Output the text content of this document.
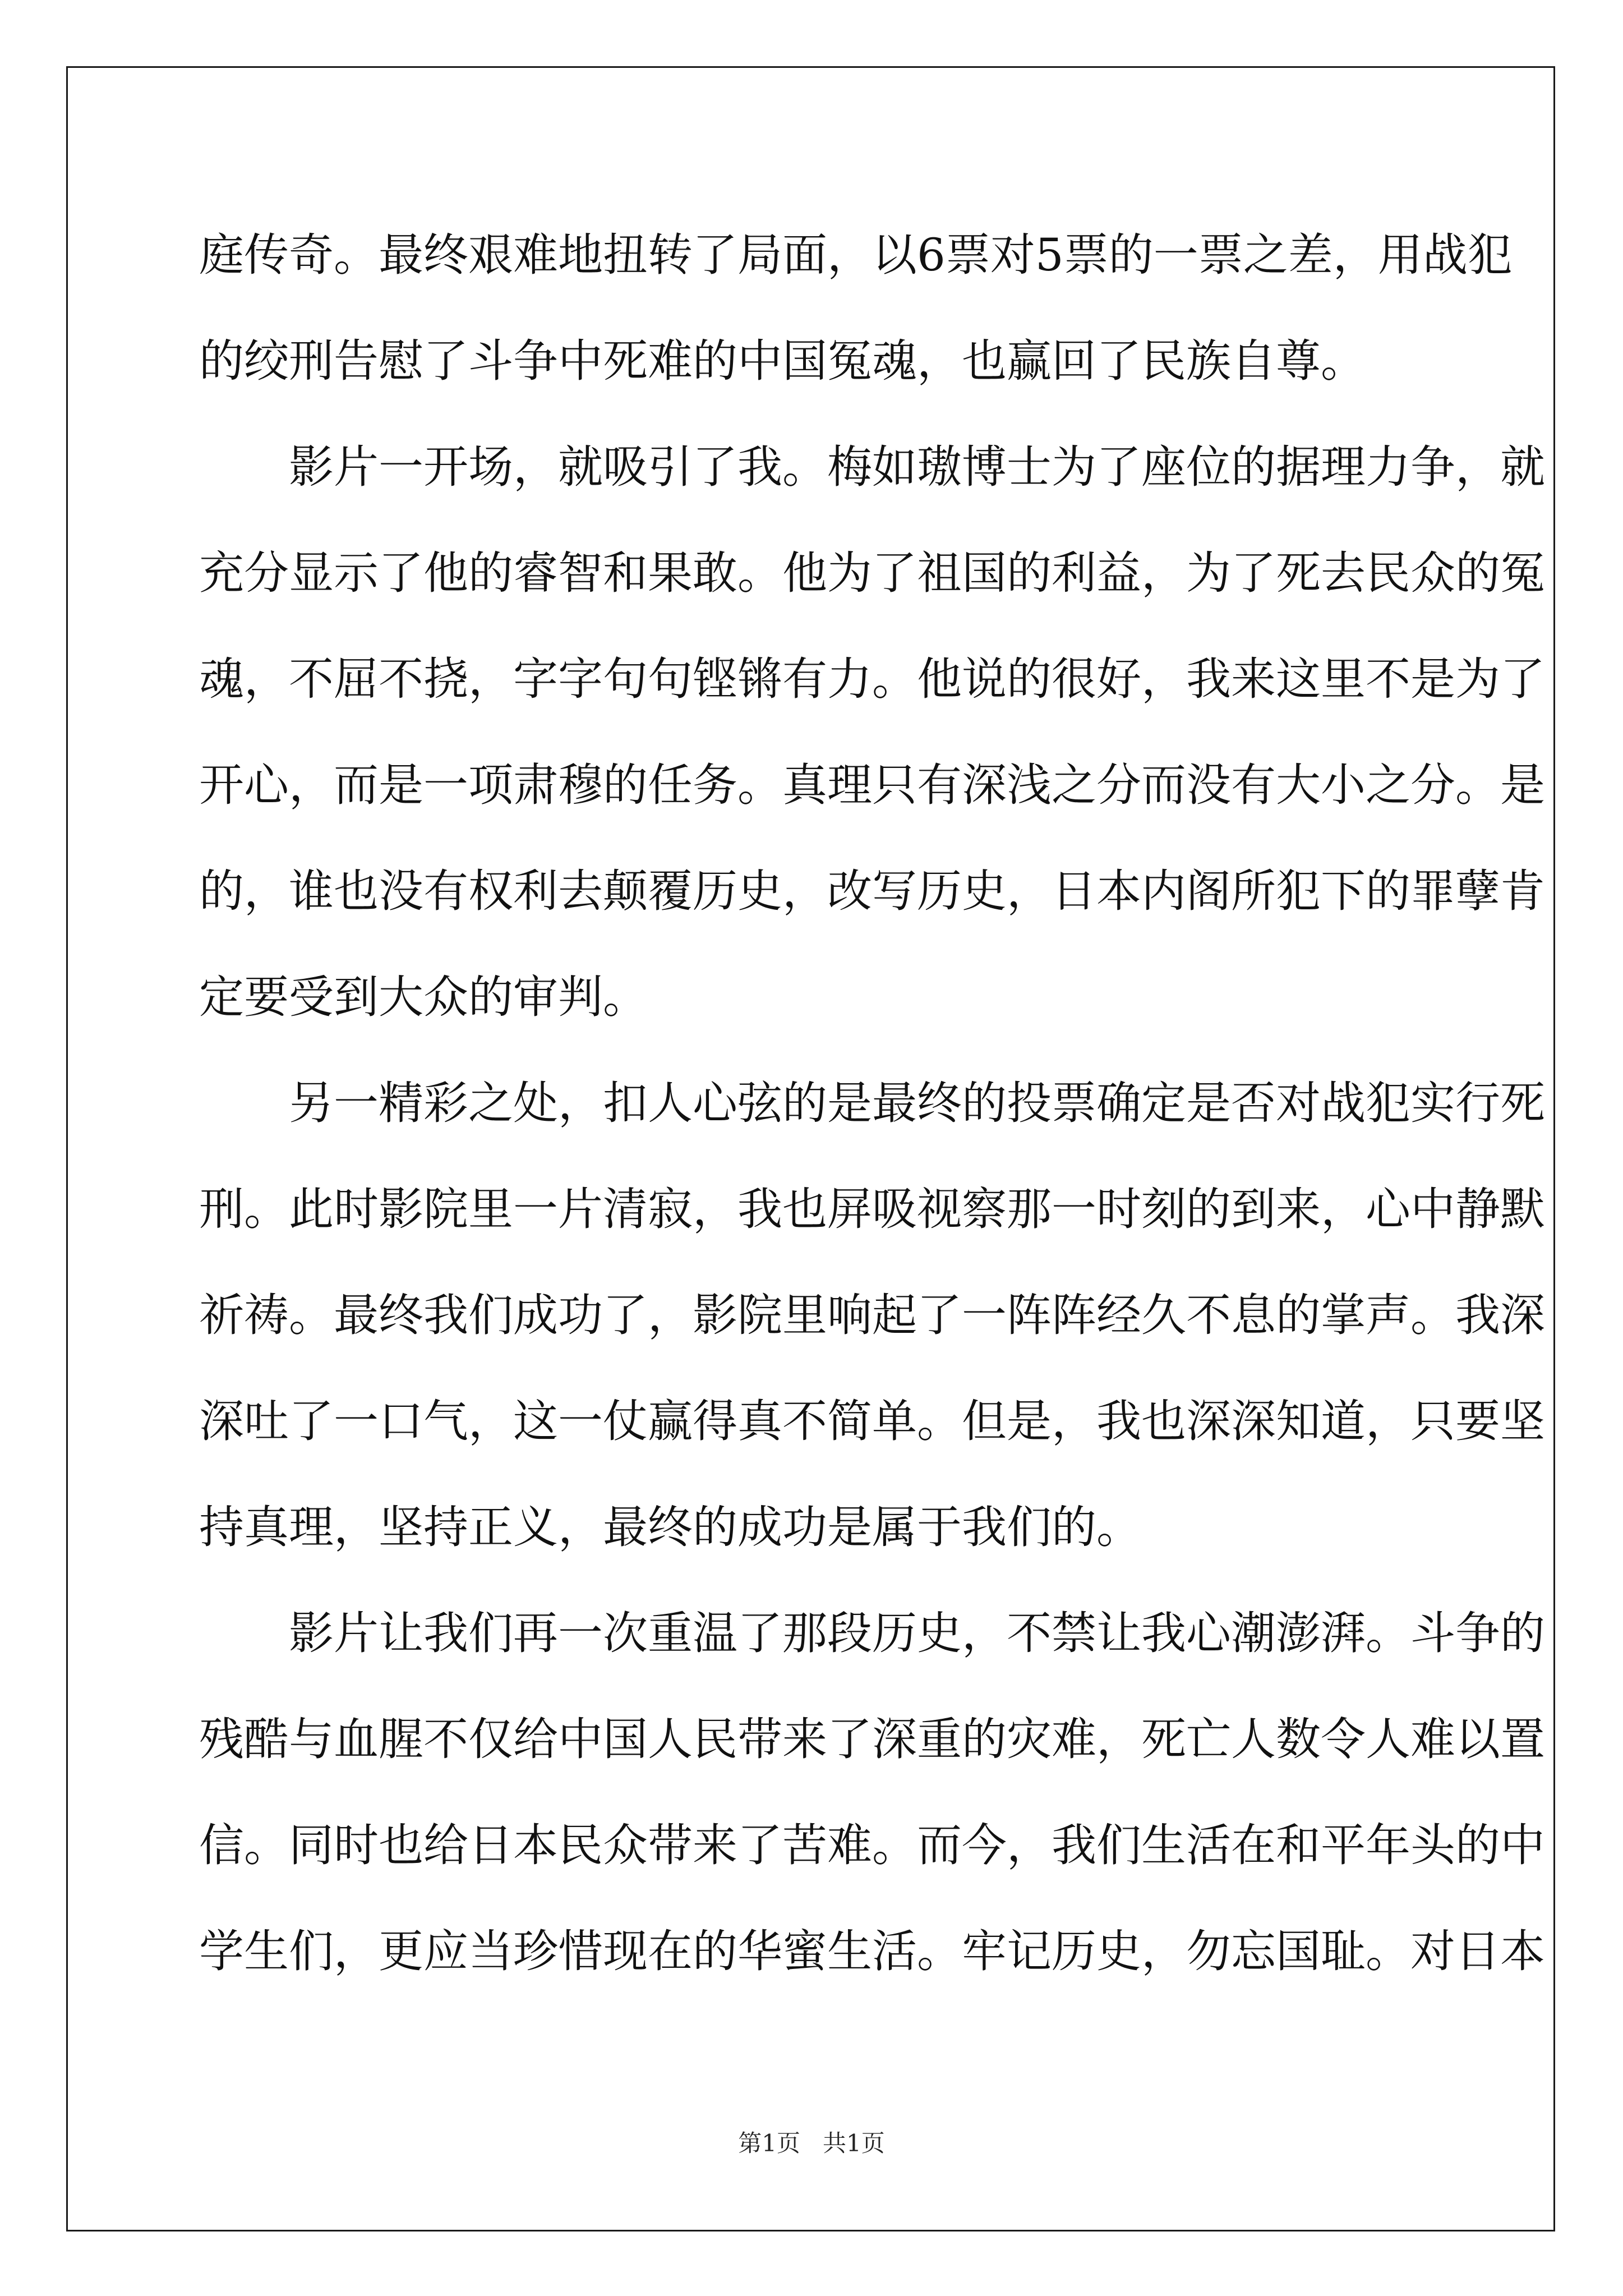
庭传奇。最终艰难地扭转了局面，以6票对5票的一票之差，用战犯
的绞刑告慰了斗争中死难的中国冤魂，也赢回了民族自尊。
影片一开场，就吸引了我。梅如璈博士为了座位的据理力争，就
充分显示了他的睿智和果敢。他为了祖国的利益，为了死去民众的冤
魂，不屈不挠，字字句句铿锵有力。他说的很好，我来这里不是为了
开心，而是一项肃穆的任务。真理只有深浅之分而没有大小之分。是
的，谁也没有权利去颠覆历史，改写历史，日本内阁所犯下的罪孽肯
定要受到大众的审判。
另一精彩之处，扣人心弦的是最终的投票确定是否对战犯实行死
刑。此时影院里一片清寂，我也屏吸视察那一时刻的到来，心中静默
祈祷。最终我们成功了，影院里响起了一阵阵经久不息的掌声。我深
深吐了一口气，这一仗赢得真不简单。但是，我也深深知道，只要坚
持真理，坚持正义，最终的成功是属于我们的。
影片让我们再一次重温了那段历史，不禁让我心潮澎湃。斗争的
残酷与血腥不仅给中国人民带来了深重的灾难，死亡人数令人难以置
信。同时也给日本民众带来了苦难。而今，我们生活在和平年头的中
学生们，更应当珍惜现在的华蜜生活。牢记历史，勿忘国耻。对日本
第1页 共1页
